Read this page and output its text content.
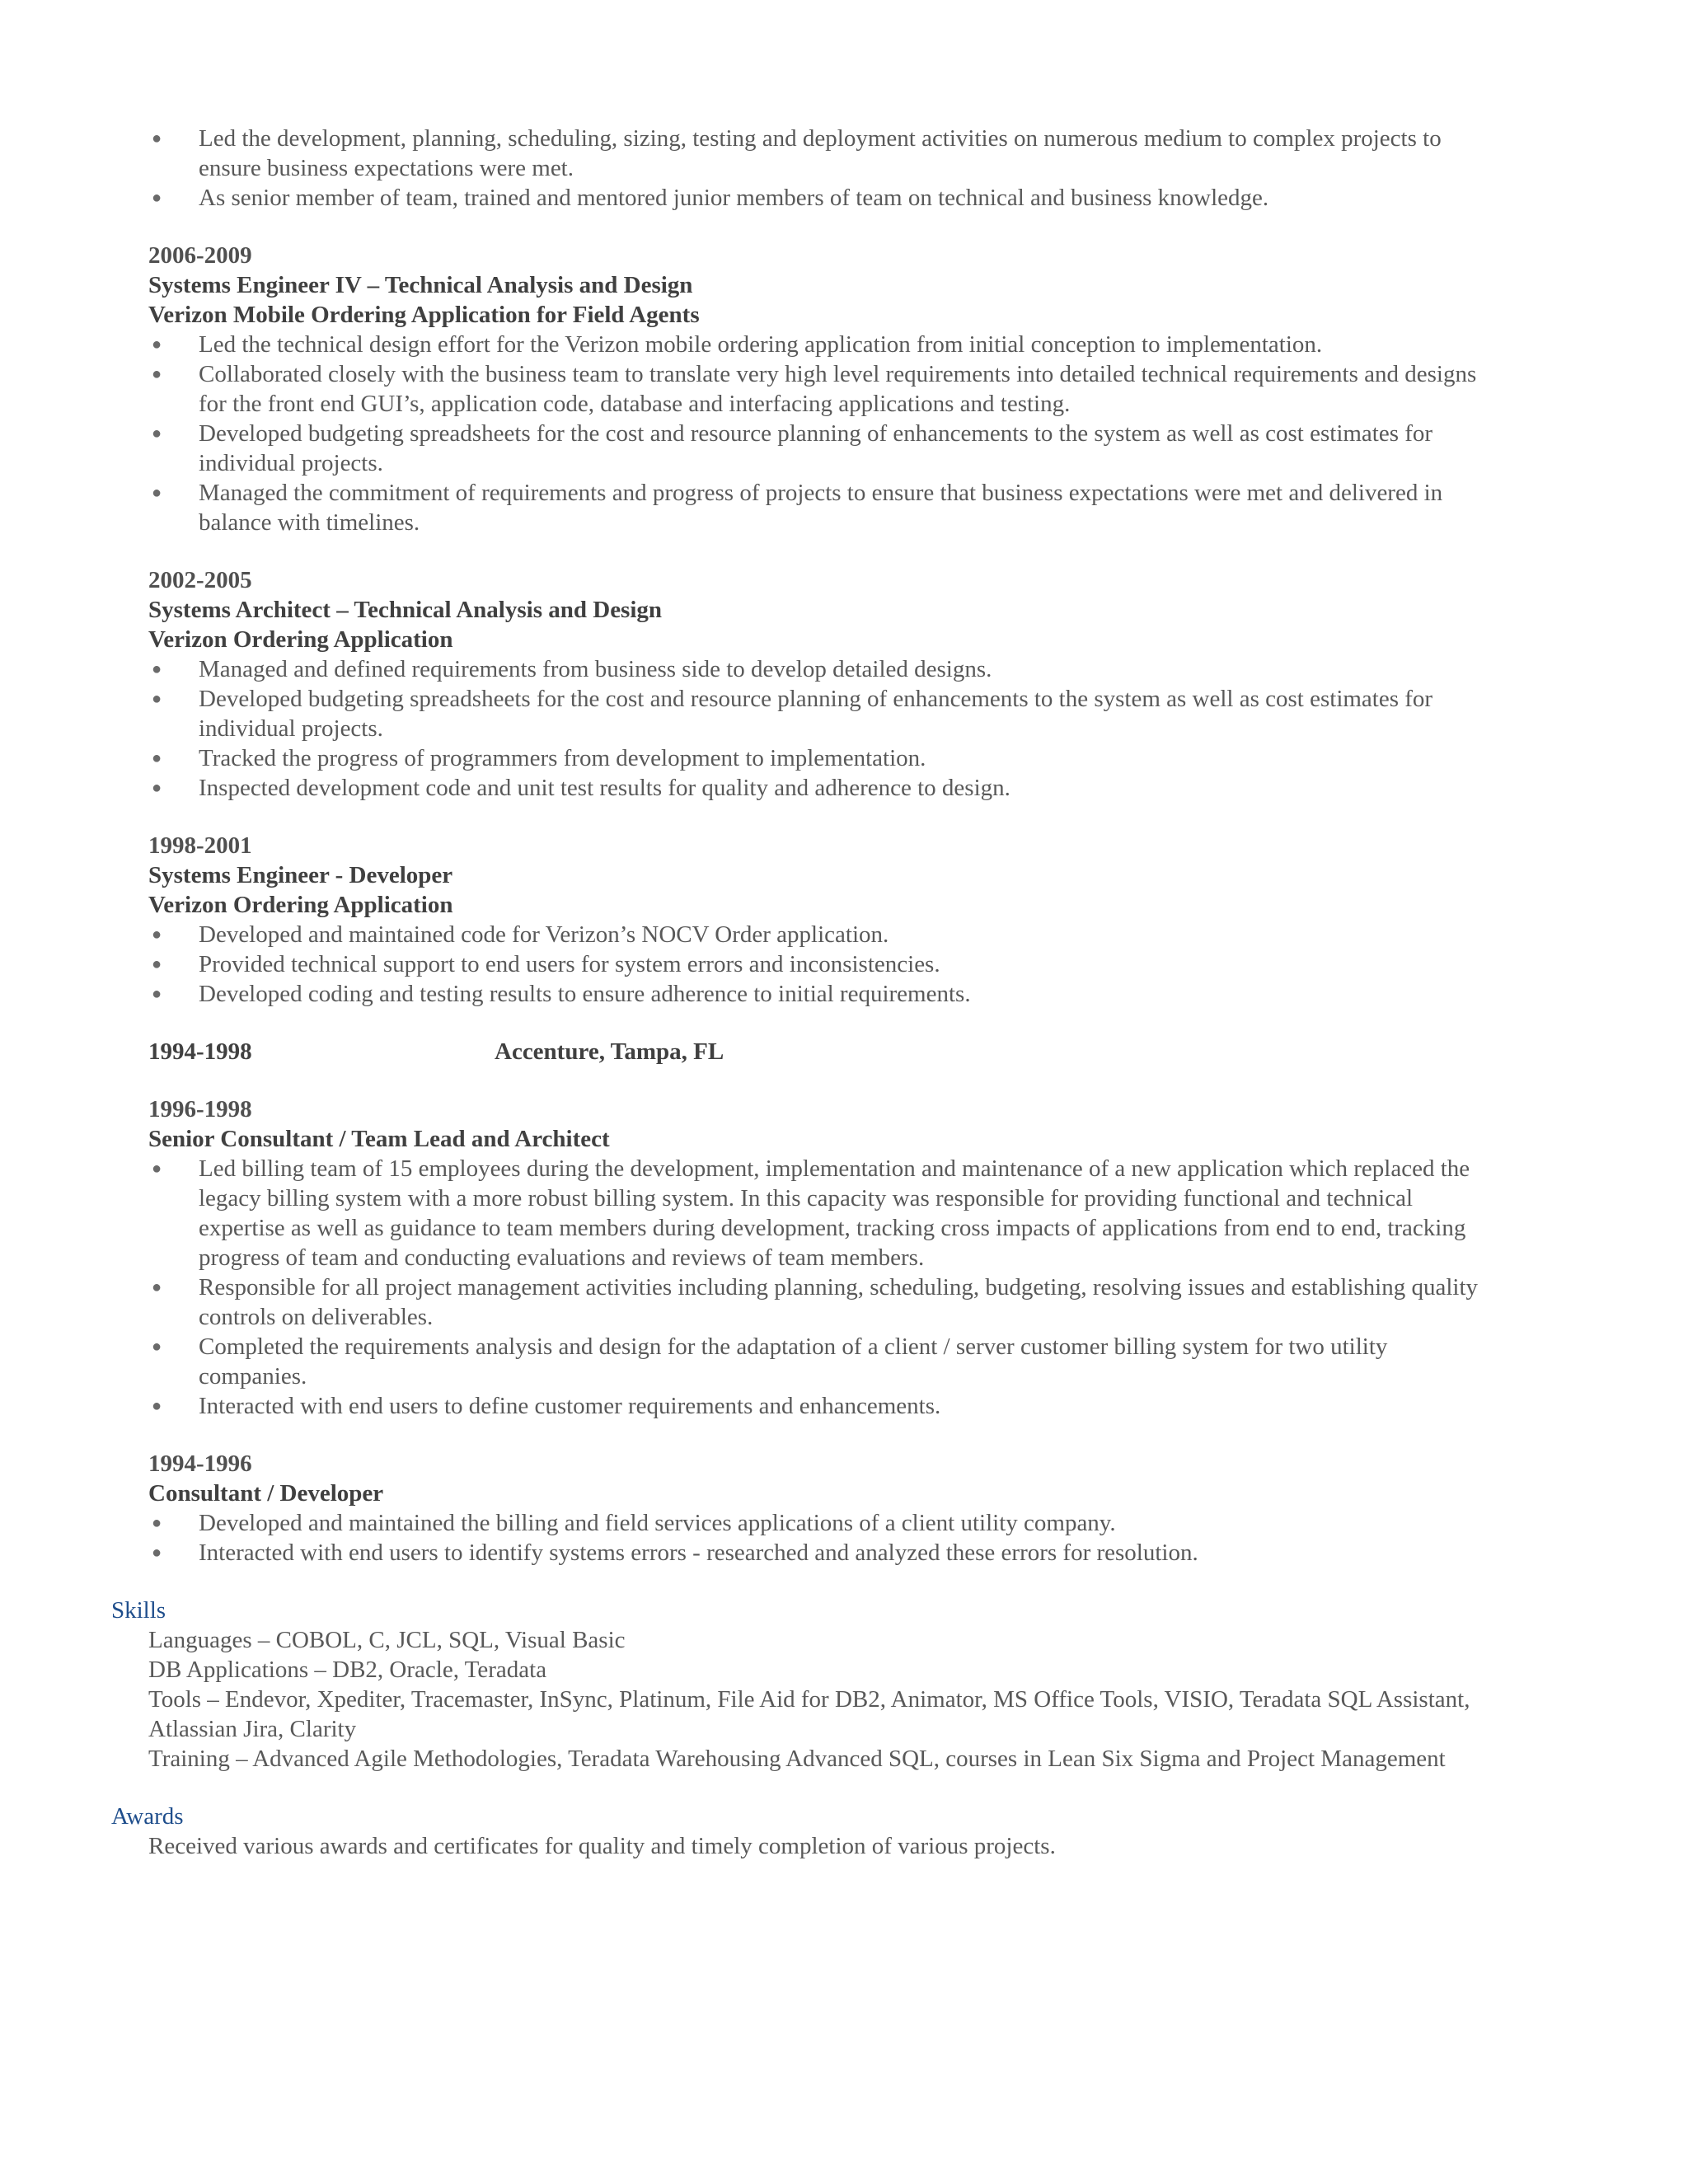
● Led the development, planning, scheduling, sizing, testing and deployment activities on numerous medium to complex projects to ensure business expectations were met.
● As senior member of team, trained and mentored junior members of team on technical and business knowledge.
2006-2009
Systems Engineer IV – Technical Analysis and Design
Verizon Mobile Ordering Application for Field Agents
● Led the technical design effort for the Verizon mobile ordering application from initial conception to implementation.
● Collaborated closely with the business team to translate very high level requirements into detailed technical requirements and designs for the front end GUI’s, application code, database and interfacing applications and testing.
● Developed budgeting spreadsheets for the cost and resource planning of enhancements to the system as well as cost estimates for individual projects.
● Managed the commitment of requirements and progress of projects to ensure that business expectations were met and delivered in balance with timelines.
2002-2005
Systems Architect – Technical Analysis and Design
Verizon Ordering Application
● Managed and defined requirements from business side to develop detailed designs.
● Developed budgeting spreadsheets for the cost and resource planning of enhancements to the system as well as cost estimates for individual projects.
● Tracked the progress of programmers from development to implementation.
● Inspected development code and unit test results for quality and adherence to design.
1998-2001
Systems Engineer - Developer
Verizon Ordering Application
● Developed and maintained code for Verizon’s NOCV Order application.
● Provided technical support to end users for system errors and inconsistencies.
● Developed coding and testing results to ensure adherence to initial requirements.
1994-1998	Accenture, Tampa, FL
1996-1998
Senior Consultant / Team Lead and Architect
● Led billing team of 15 employees during the development, implementation and maintenance of a new application which replaced the legacy billing system with a more robust billing system. In this capacity was responsible for providing functional and technical expertise as well as guidance to team members during development, tracking cross impacts of applications from end to end, tracking progress of team and conducting evaluations and reviews of team members.
● Responsible for all project management activities including planning, scheduling, budgeting, resolving issues and establishing quality controls on deliverables.
● Completed the requirements analysis and design for the adaptation of a client / server customer billing system for two utility companies.
● Interacted with end users to define customer requirements and enhancements.
1994-1996
Consultant / Developer
● Developed and maintained the billing and field services applications of a client utility company.
● Interacted with end users to identify systems errors - researched and analyzed these errors for resolution.
Skills

Languages – COBOL, C, JCL, SQL, Visual Basic

DB Applications – DB2, Oracle, Teradata

Tools – Endevor, Xpediter, Tracemaster, InSync, Platinum, File Aid for DB2, Animator, MS Office Tools, VISIO, Teradata SQL Assistant, Atlassian Jira, Clarity

Training – Advanced Agile Methodologies, Teradata Warehousing Advanced SQL, courses in Lean Six Sigma and Project Management

Awards

Received various awards and certificates for quality and timely completion of various projects.
